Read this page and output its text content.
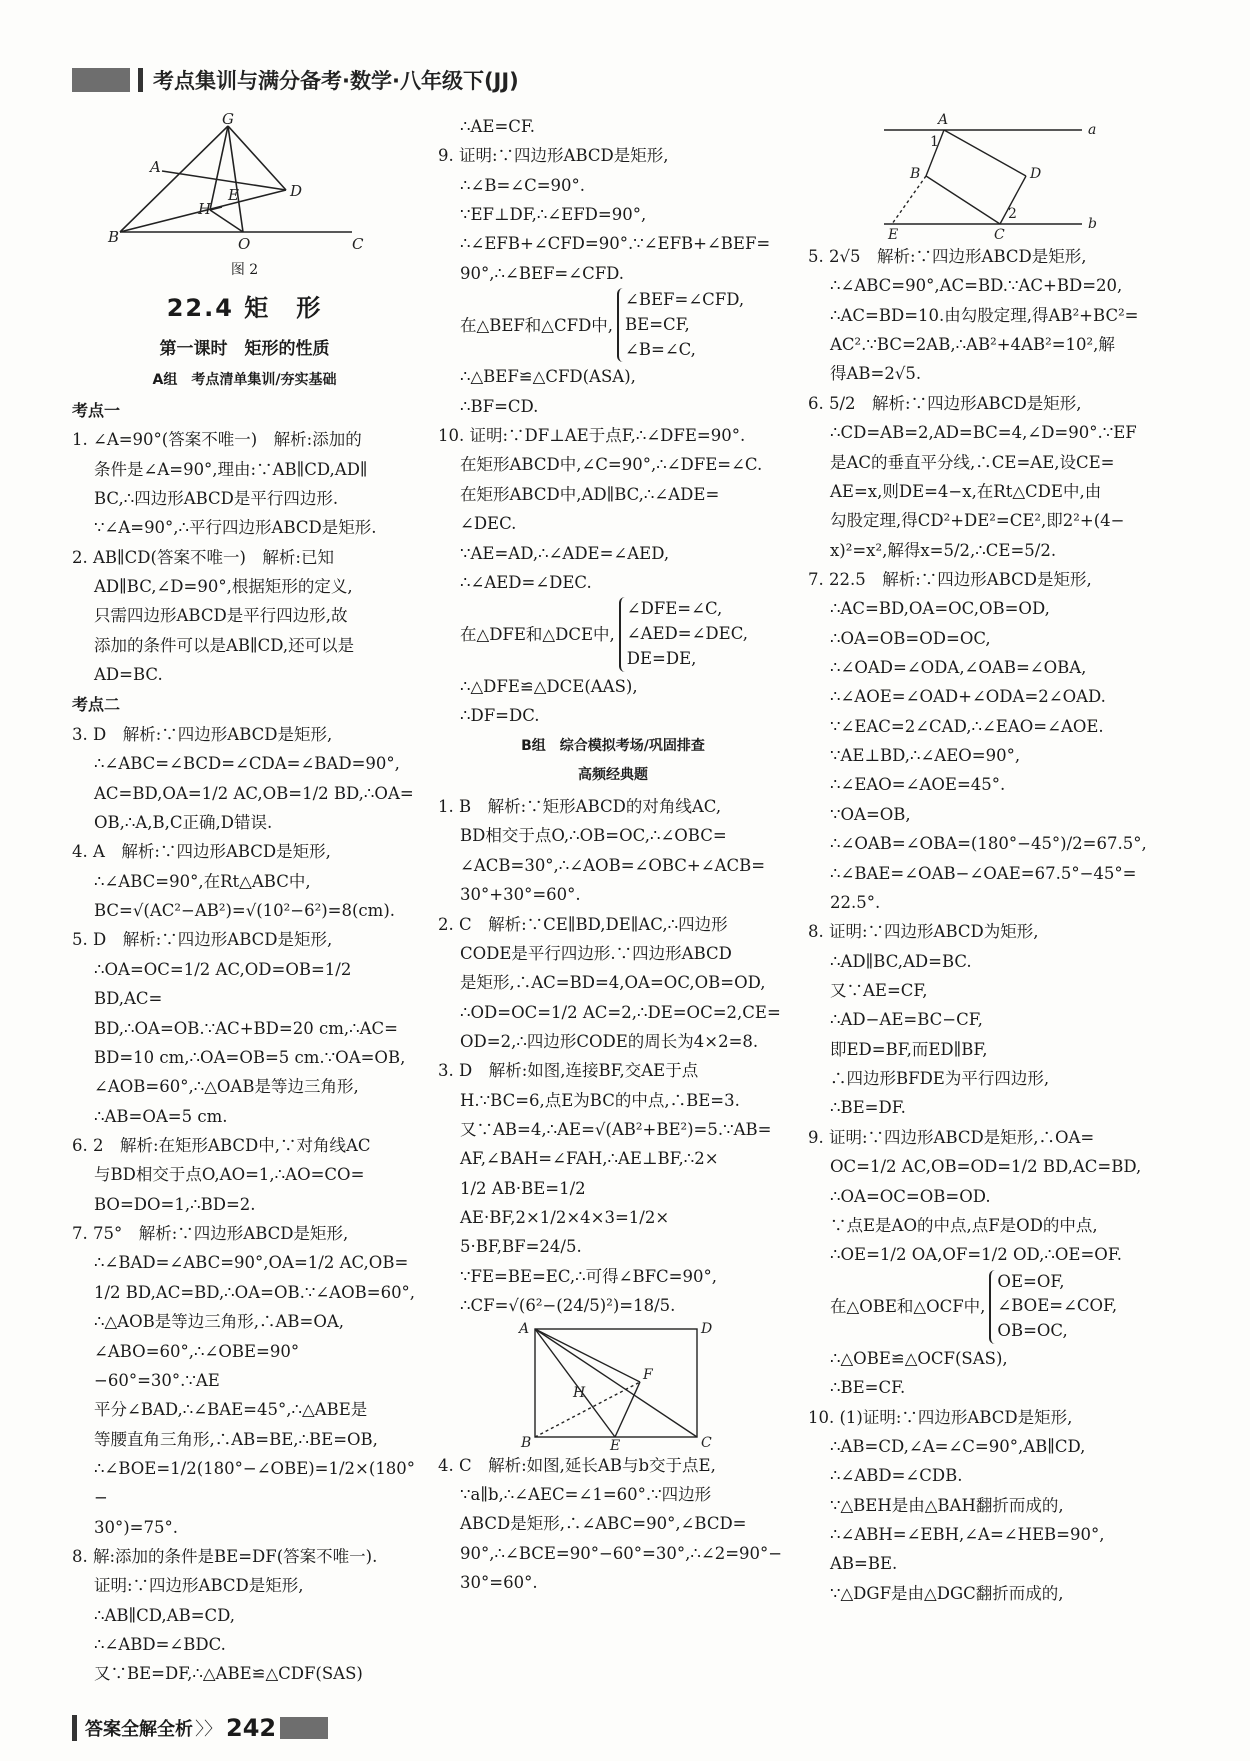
考点集训与满分备考·数学·八年级下(JJ)
G
A
E
H
D
B	O	C
图 2
22.4 矩　形
第一课时　矩形的性质
A组　考点清单集训/夯实基础
考点一

1. ∠A=90°(答案不唯一)　解析:添加的

条件是∠A=90°,理由:∵AB∥CD,AD∥

BC,∴四边形ABCD是平行四边形.

∵∠A=90°,∴平行四边形ABCD是矩形.

2. AB∥CD(答案不唯一)　解析:已知

AD∥BC,∠D=90°,根据矩形的定义,

只需四边形ABCD是平行四边形,故

添加的条件可以是AB∥CD,还可以是

AD=BC.

考点二

3. D　解析:∵四边形ABCD是矩形,

∴∠ABC=∠BCD=∠CDA=∠BAD=90°,

AC=BD,OA=1/2 AC,OB=1/2 BD,∴OA=

OB,∴A,B,C正确,D错误.

4. A　解析:∵四边形ABCD是矩形,

∴∠ABC=90°,在Rt△ABC中,

BC=√(AC²−AB²)=√(10²−6²)=8(cm).

5. D　解析:∵四边形ABCD是矩形,

∴OA=OC=1/2 AC,OD=OB=1/2 BD,AC=

BD,∴OA=OB.∵AC+BD=20 cm,∴AC=

BD=10 cm,∴OA=OB=5 cm.∵OA=OB,

∠AOB=60°,∴△OAB是等边三角形,

∴AB=OA=5 cm.

6. 2　解析:在矩形ABCD中,∵对角线AC

与BD相交于点O,AO=1,∴AO=CO=

BO=DO=1,∴BD=2.

7. 75°　解析:∵四边形ABCD是矩形,

∴∠BAD=∠ABC=90°,OA=1/2 AC,OB=

1/2 BD,AC=BD,∴OA=OB.∵∠AOB=60°,

∴△AOB是等边三角形,∴AB=OA,

∠ABO=60°,∴∠OBE=90°−60°=30°.∵AE

平分∠BAD,∴∠BAE=45°,∴△ABE是

等腰直角三角形,∴AB=BE,∴BE=OB,

∴∠BOE=1/2(180°−∠OBE)=1/2×(180°−

30°)=75°.

8. 解:添加的条件是BE=DF(答案不唯一).

证明:∵四边形ABCD是矩形,

∴AB∥CD,AB=CD,

∴∠ABD=∠BDC.

又∵BE=DF,∴△ABE≌△CDF(SAS)

∴AE=CF.

9. 证明:∵四边形ABCD是矩形,

∴∠B=∠C=90°.

∵EF⊥DF,∴∠EFD=90°,

∴∠EFB+∠CFD=90°.∵∠EFB+∠BEF=

90°,∴∠BEF=∠CFD.

在△BEF和△CFD中,
∠BEF=∠CFD,
BE=CF,
∠B=∠C,

∴△BEF≌△CFD(ASA),

∴BF=CD.

10. 证明:∵DF⊥AE于点F,∴∠DFE=90°.

在矩形ABCD中,∠C=90°,∴∠DFE=∠C.

在矩形ABCD中,AD∥BC,∴∠ADE=

∠DEC.

∵AE=AD,∴∠ADE=∠AED,

∴∠AED=∠DEC.

在△DFE和△DCE中,
∠DFE=∠C,
∠AED=∠DEC,
DE=DE,

∴△DFE≌△DCE(AAS),

∴DF=DC.

B组　综合模拟考场/巩固排查
高频经典题

1. B　解析:∵矩形ABCD的对角线AC,

BD相交于点O,∴OB=OC,∴∠OBC=

∠ACB=30°,∴∠AOB=∠OBC+∠ACB=

30°+30°=60°.

2. C　解析:∵CE∥BD,DE∥AC,∴四边形

CODE是平行四边形.∵四边形ABCD

是矩形,∴AC=BD=4,OA=OC,OB=OD,

∴OD=OC=1/2 AC=2,∴DE=OC=2,CE=

OD=2,∴四边形CODE的周长为4×2=8.

3. D　解析:如图,连接BF,交AE于点

H.∵BC=6,点E为BC的中点,∴BE=3.

又∵AB=4,∴AE=√(AB²+BE²)=5.∵AB=

AF,∠BAH=∠FAH,∴AE⊥BF,∴2×

1/2 AB·BE=1/2 AE·BF,2×1/2×4×3=1/2×

5·BF,BF=24/5.

∵FE=BE=EC,∴可得∠BFC=90°,

∴CF=√(6²−(24/5)²)=18/5.

A	D
F
H
B	E	C

4. C　解析:如图,延长AB与b交于点E,

∵a∥b,∴∠AEC=∠1=60°.∵四边形

ABCD是矩形,∴∠ABC=90°,∠BCD=

90°,∴∠BCE=90°−60°=30°,∴∠2=90°−

30°=60°.

A
1
a
B	D
E	C
2
b

5. 2√5　解析:∵四边形ABCD是矩形,

∴∠ABC=90°,AC=BD.∵AC+BD=20,

∴AC=BD=10.由勾股定理,得AB²+BC²=

AC².∵BC=2AB,∴AB²+4AB²=10²,解

得AB=2√5.

6. 5/2　解析:∵四边形ABCD是矩形,

∴CD=AB=2,AD=BC=4,∠D=90°.∵EF

是AC的垂直平分线,∴CE=AE,设CE=

AE=x,则DE=4−x,在Rt△CDE中,由

勾股定理,得CD²+DE²=CE²,即2²+(4−

x)²=x²,解得x=5/2,∴CE=5/2.

7. 22.5　解析:∵四边形ABCD是矩形,

∴AC=BD,OA=OC,OB=OD,

∴OA=OB=OD=OC,

∴∠OAD=∠ODA,∠OAB=∠OBA,

∴∠AOE=∠OAD+∠ODA=2∠OAD.

∵∠EAC=2∠CAD,∴∠EAO=∠AOE.

∵AE⊥BD,∴∠AEO=90°,

∴∠EAO=∠AOE=45°.

∵OA=OB,

∴∠OAB=∠OBA=(180°−45°)/2=67.5°,

∴∠BAE=∠OAB−∠OAE=67.5°−45°=

22.5°.

8. 证明:∵四边形ABCD为矩形,

∴AD∥BC,AD=BC.

又∵AE=CF,

∴AD−AE=BC−CF,

即ED=BF,而ED∥BF,

∴四边形BFDE为平行四边形,

∴BE=DF.

9. 证明:∵四边形ABCD是矩形,∴OA=

OC=1/2 AC,OB=OD=1/2 BD,AC=BD,

∴OA=OC=OB=OD.

∵点E是AO的中点,点F是OD的中点,

∴OE=1/2 OA,OF=1/2 OD,∴OE=OF.

在△OBE和△OCF中,
OE=OF,
∠BOE=∠COF,
OB=OC,

∴△OBE≌△OCF(SAS),

∴BE=CF.

10. (1)证明:∵四边形ABCD是矩形,

∴AB=CD,∠A=∠C=90°,AB∥CD,

∴∠ABD=∠CDB.

∵△BEH是由△BAH翻折而成的,

∴∠ABH=∠EBH,∠A=∠HEB=90°,

AB=BE.

∵△DGF是由△DGC翻折而成的,

答案全解全析 〉〉 242
